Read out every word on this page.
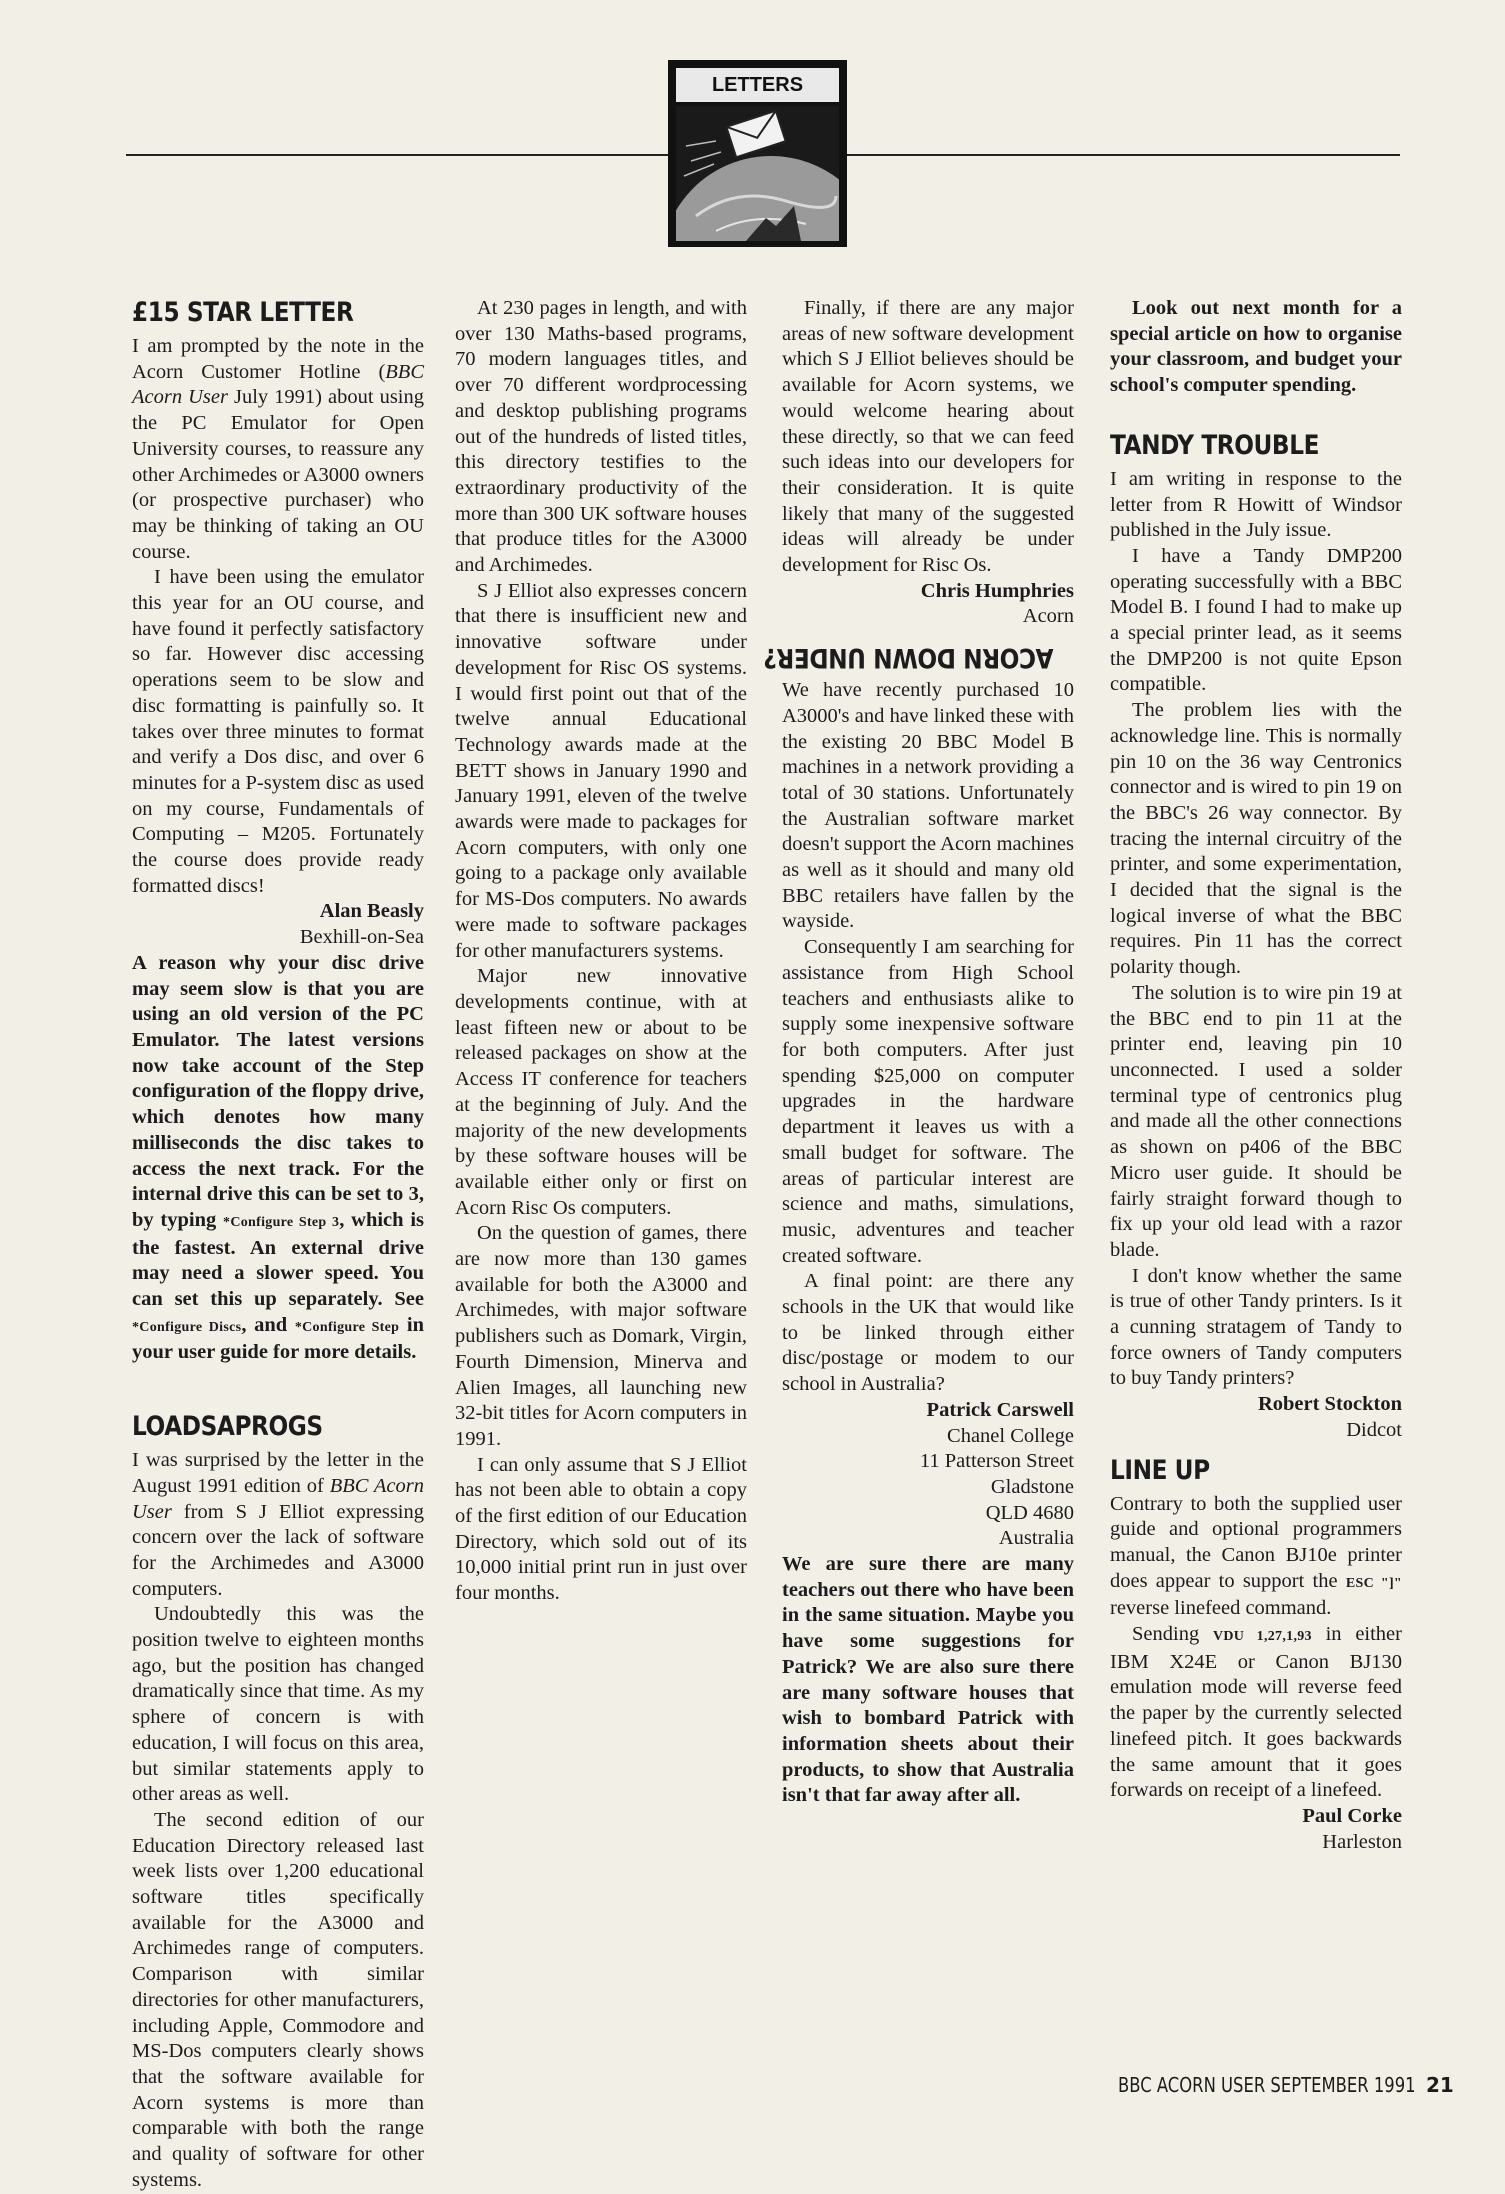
LETTERS
£15 STAR LETTER

I am prompted by the note in the Acorn Customer Hotline (BBC Acorn User July 1991) about using the PC Emulator for Open University courses, to reassure any other Archimedes or A3000 owners (or prospective purchaser) who may be thinking of taking an OU course.

I have been using the emulator this year for an OU course, and have found it perfectly satisfactory so far. However disc accessing operations seem to be slow and disc formatting is painfully so. It takes over three minutes to format and verify a Dos disc, and over 6 minutes for a P-system disc as used on my course, Fundamentals of Computing – M205. Fortunately the course does provide ready formatted discs!

Alan Beasly

Bexhill-on-Sea

A reason why your disc drive may seem slow is that you are using an old version of the PC Emulator. The latest versions now take account of the Step configuration of the floppy drive, which denotes how many milliseconds the disc takes to access the next track. For the internal drive this can be set to 3, by typing *Configure Step 3, which is the fastest. An external drive may need a slower speed. You can set this up separately. See *Configure Discs, and *Configure Step in your user guide for more details.

LOADSAPROGS

I was surprised by the letter in the August 1991 edition of BBC Acorn User from S J Elliot expressing concern over the lack of software for the Archimedes and A3000 computers.

Undoubtedly this was the position twelve to eighteen months ago, but the position has changed dramatically since that time. As my sphere of concern is with education, I will focus on this area, but similar statements apply to other areas as well.

The second edition of our Education Directory released last week lists over 1,200 educational software titles specifically available for the A3000 and Archimedes range of computers. Comparison with similar directories for other manufacturers, including Apple, Commodore and MS-Dos computers clearly shows that the software available for Acorn systems is more than comparable with both the range and quality of software for other systems.

At 230 pages in length, and with over 130 Maths-based programs, 70 modern languages titles, and over 70 different wordprocessing and desktop publishing programs out of the hundreds of listed titles, this directory testifies to the extraordinary productivity of the more than 300 UK software houses that produce titles for the A3000 and Archimedes.

S J Elliot also expresses concern that there is insufficient new and innovative software under development for Risc OS systems. I would first point out that of the twelve annual Educational Technology awards made at the BETT shows in January 1990 and January 1991, eleven of the twelve awards were made to packages for Acorn computers, with only one going to a package only available for MS-Dos computers. No awards were made to software packages for other manufacturers systems.

Major new innovative developments continue, with at least fifteen new or about to be released packages on show at the Access IT conference for teachers at the beginning of July. And the majority of the new developments by these software houses will be available either only or first on Acorn Risc Os computers.

On the question of games, there are now more than 130 games available for both the A3000 and Archimedes, with major software publishers such as Domark, Virgin, Fourth Dimension, Minerva and Alien Images, all launching new 32-bit titles for Acorn computers in 1991.

I can only assume that S J Elliot has not been able to obtain a copy of the first edition of our Education Directory, which sold out of its 10,000 initial print run in just over four months.

Finally, if there are any major areas of new software development which S J Elliot believes should be available for Acorn systems, we would welcome hearing about these directly, so that we can feed such ideas into our developers for their consideration. It is quite likely that many of the suggested ideas will already be under development for Risc Os.

Chris Humphries

Acorn

ACORN DOWN UNDER?

We have recently purchased 10 A3000's and have linked these with the existing 20 BBC Model B machines in a network providing a total of 30 stations. Unfortunately the Australian software market doesn't support the Acorn machines as well as it should and many old BBC retailers have fallen by the wayside.

Consequently I am searching for assistance from High School teachers and enthusiasts alike to supply some inexpensive software for both computers. After just spending $25,000 on computer upgrades in the hardware department it leaves us with a small budget for software. The areas of particular interest are science and maths, simulations, music, adventures and teacher created software.

A final point: are there any schools in the UK that would like to be linked through either disc/postage or modem to our school in Australia?

Patrick Carswell

Chanel College

11 Patterson Street

Gladstone

QLD 4680

Australia

We are sure there are many teachers out there who have been in the same situation. Maybe you have some suggestions for Patrick? We are also sure there are many software houses that wish to bombard Patrick with information sheets about their products, to show that Australia isn't that far away after all.

Look out next month for a special article on how to organise your classroom, and budget your school's computer spending.

TANDY TROUBLE

I am writing in response to the letter from R Howitt of Windsor published in the July issue.

I have a Tandy DMP200 operating successfully with a BBC Model B. I found I had to make up a special printer lead, as it seems the DMP200 is not quite Epson compatible.

The problem lies with the acknowledge line. This is normally pin 10 on the 36 way Centronics connector and is wired to pin 19 on the BBC's 26 way connector. By tracing the internal circuitry of the printer, and some experimentation, I decided that the signal is the logical inverse of what the BBC requires. Pin 11 has the correct polarity though.

The solution is to wire pin 19 at the BBC end to pin 11 at the printer end, leaving pin 10 unconnected. I used a solder terminal type of centronics plug and made all the other connections as shown on p406 of the BBC Micro user guide. It should be fairly straight forward though to fix up your old lead with a razor blade.

I don't know whether the same is true of other Tandy printers. Is it a cunning stratagem of Tandy to force owners of Tandy computers to buy Tandy printers?

Robert Stockton

Didcot

LINE UP

Contrary to both the supplied user guide and optional programmers manual, the Canon BJ10e printer does appear to support the ESC "]" reverse linefeed command.

Sending VDU 1,27,1,93 in either IBM X24E or Canon BJ130 emulation mode will reverse feed the paper by the currently selected linefeed pitch. It goes backwards the same amount that it goes forwards on receipt of a linefeed.

Paul Corke

Harleston

BBC ACORN USER SEPTEMBER 1991 21
